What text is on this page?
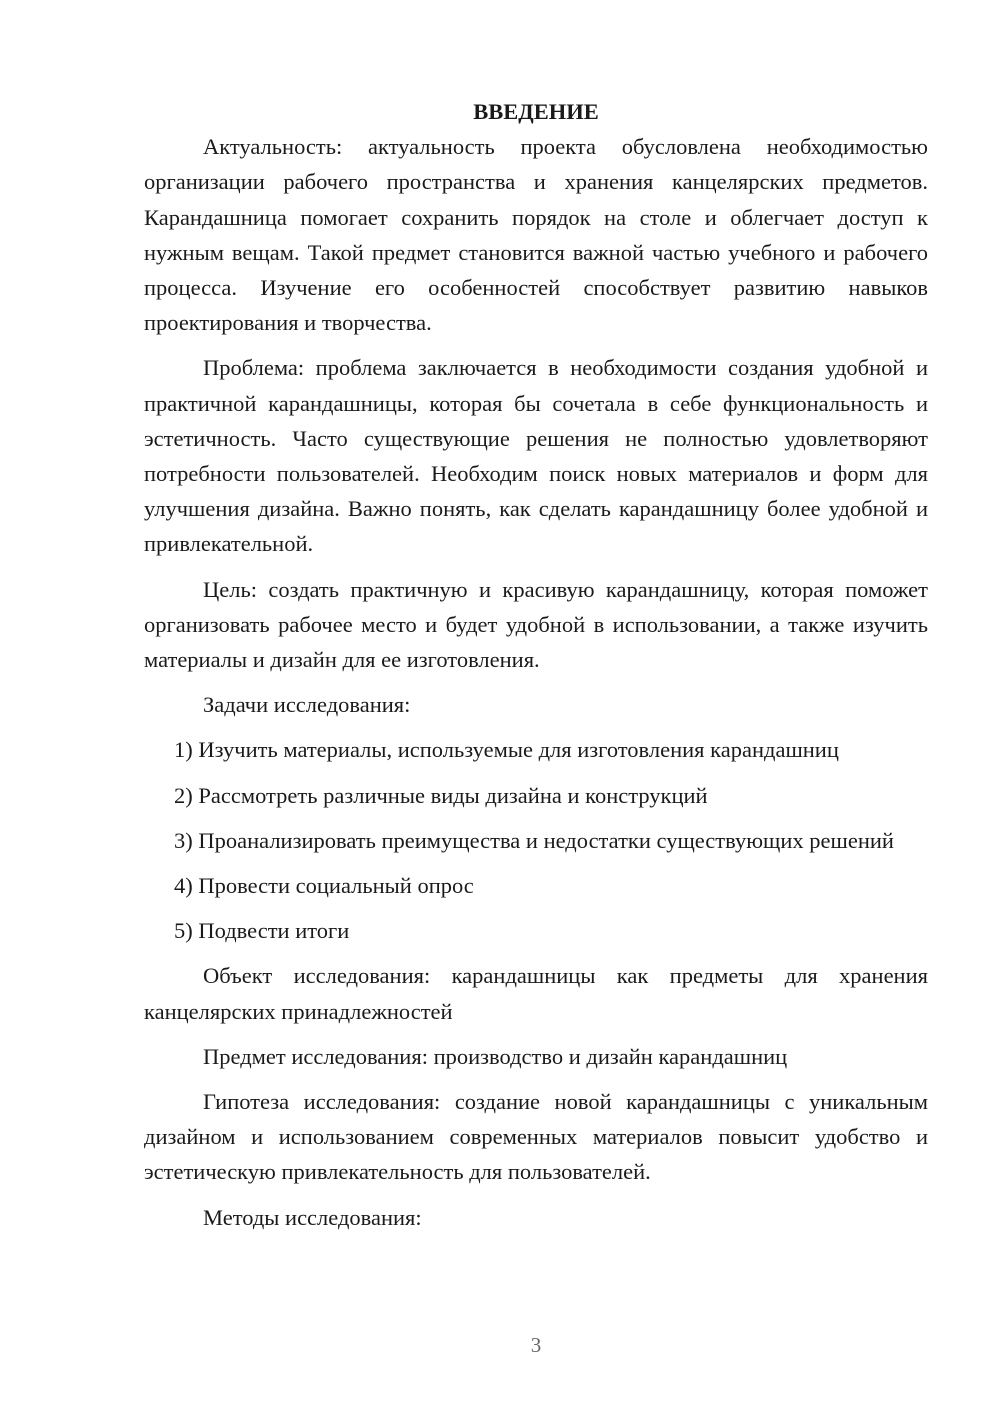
ВВЕДЕНИЕ
Актуальность: актуальность проекта обусловлена необходимостью организации рабочего пространства и хранения канцелярских предметов. Карандашница помогает сохранить порядок на столе и облегчает доступ к нужным вещам. Такой предмет становится важной частью учебного и рабочего процесса. Изучение его особенностей способствует развитию навыков проектирования и творчества.
Проблема: проблема заключается в необходимости создания удобной и практичной карандашницы, которая бы сочетала в себе функциональность и эстетичность. Часто существующие решения не полностью удовлетворяют потребности пользователей. Необходим поиск новых материалов и форм для улучшения дизайна. Важно понять, как сделать карандашницу более удобной и привлекательной.
Цель: создать практичную и красивую карандашницу, которая поможет организовать рабочее место и будет удобной в использовании, а также изучить материалы и дизайн для ее изготовления.
Задачи исследования:
1) Изучить материалы, используемые для изготовления карандашниц
2) Рассмотреть различные виды дизайна и конструкций
3) Проанализировать преимущества и недостатки существующих решений
4) Провести социальный опрос
5) Подвести итоги
Объект исследования: карандашницы как предметы для хранения канцелярских принадлежностей
Предмет исследования: производство и дизайн карандашниц
Гипотеза исследования: создание новой карандашницы с уникальным дизайном и использованием современных материалов повысит удобство и эстетическую привлекательность для пользователей.
Методы исследования:
3
